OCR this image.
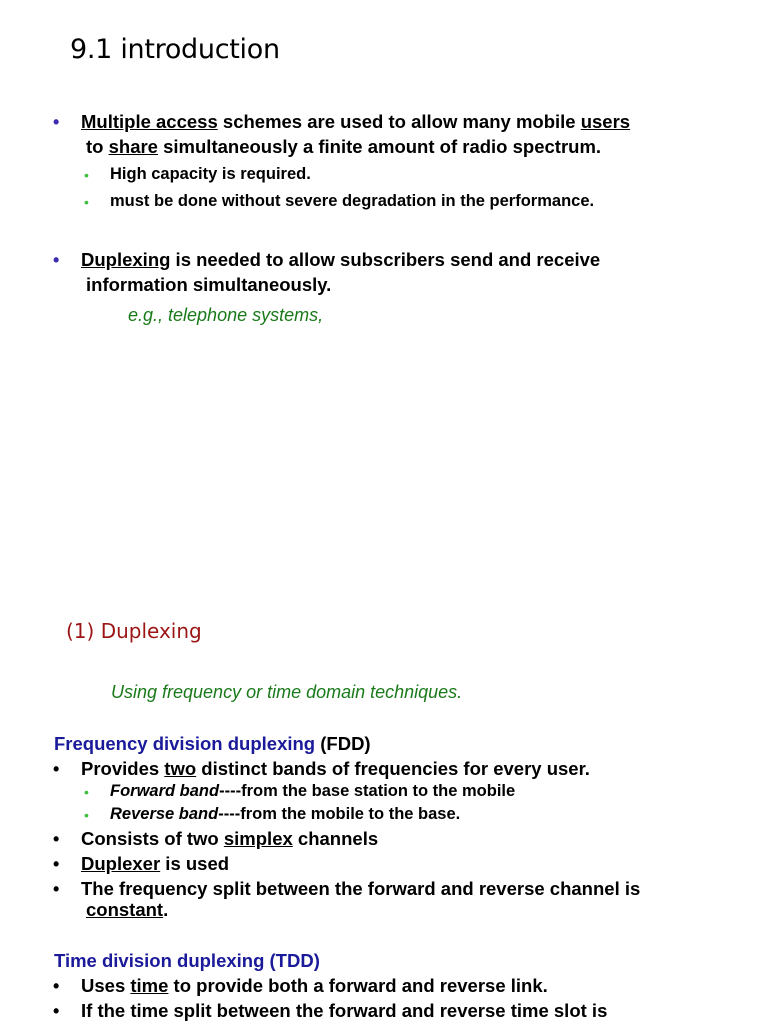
9.1 introduction
• Multiple access schemes are used to allow many mobile users
to share simultaneously a finite amount of radio spectrum.
• High capacity is required.
• must be done without severe degradation in the performance.
• Duplexing is needed to allow subscribers send and receive
information simultaneously.
e.g., telephone systems,
(1) Duplexing
Using frequency or time domain techniques.
Frequency division duplexing (FDD)
• Provides two distinct bands of frequencies for every user.
• Forward band----from the base station to the mobile
• Reverse band----from the mobile to the base.
• Consists of two simplex channels
• Duplexer is used
• The frequency split between the forward and reverse channel is
constant.
Time division duplexing (TDD)
• Uses time to provide both a forward and reverse link.
• If the time split between the forward and reverse time slot is
